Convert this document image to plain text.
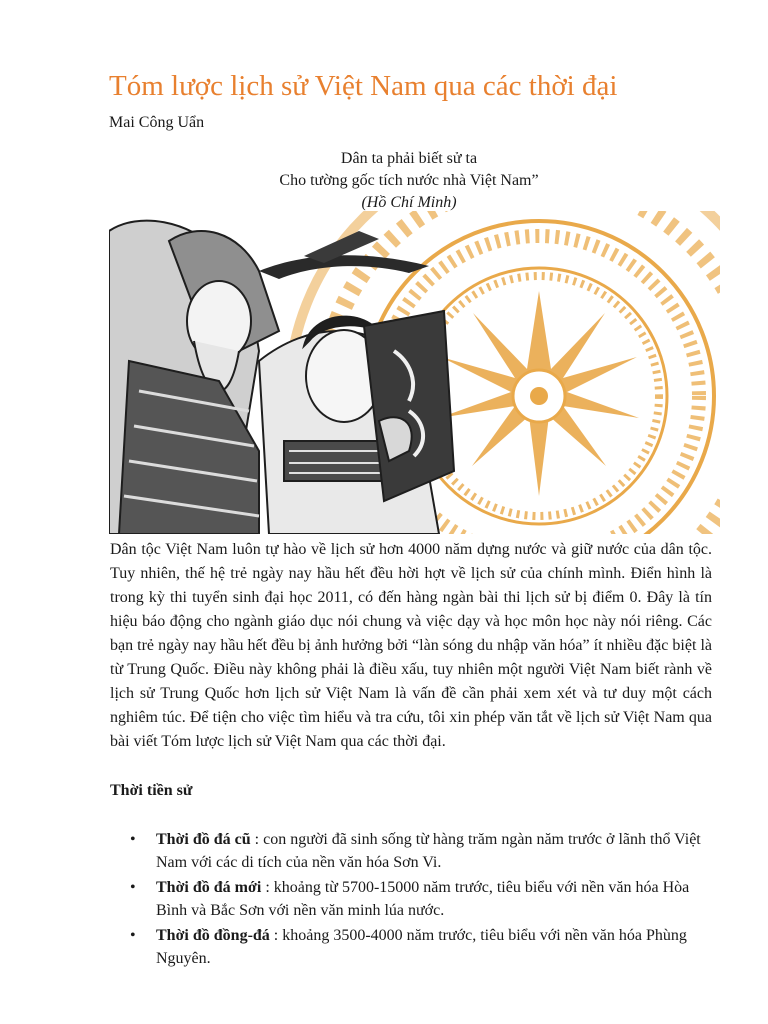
Tóm lược lịch sử Việt Nam qua các thời đại
Mai Công Uẩn
Dân ta phải biết sử ta
Cho tường gốc tích nước nhà Việt Nam”
(Hồ Chí Minh)

Dân tộc Việt Nam luôn tự hào về lịch sử hơn 4000 năm dựng nước và giữ nước của dân tộc. Tuy nhiên, thế hệ trẻ ngày nay hầu hết đều hời hợt về lịch sử của chính mình. Điển hình là trong kỳ thi tuyển sinh đại học 2011, có đến hàng ngàn bài thi lịch sử bị điểm 0. Đây là tín hiệu báo động cho ngành giáo dục nói chung và việc dạy và học môn học này nói riêng. Các bạn trẻ ngày nay hầu hết đều bị ảnh hưởng bởi “làn sóng du nhập văn hóa” ít nhiều đặc biệt là từ Trung Quốc. Điều này không phải là điều xấu, tuy nhiên một người Việt Nam biết rành về lịch sử Trung Quốc hơn lịch sử Việt Nam là vấn đề cần phải xem xét và tư duy một cách nghiêm túc. Để tiện cho việc tìm hiểu và tra cứu, tôi xin phép văn tắt về lịch sử Việt Nam qua bài viết Tóm lược lịch sử Việt Nam qua các thời đại.

Thời tiền sử
• Thời đồ đá cũ : con người đã sinh sống từ hàng trăm ngàn năm trước ở lãnh thổ Việt Nam với các di tích của nền văn hóa Sơn Vi.
• Thời đồ đá mới : khoảng từ 5700-15000 năm trước, tiêu biểu với nền văn hóa Hòa Bình và Bắc Sơn với nền văn minh lúa nước.
• Thời đồ đồng-đá : khoảng 3500-4000 năm trước, tiêu biểu với nền văn hóa Phùng Nguyên.
